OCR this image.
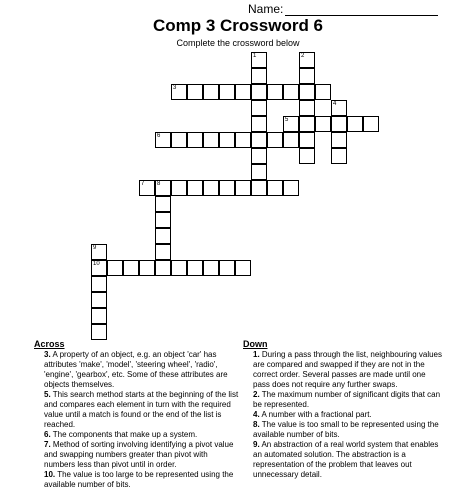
Name:
Comp 3 Crossword 6
Complete the crossword below
3
5
6
7 8
10
1	2
4
9
Across
3. A property of an object, e.g. an object 'car' has attributes 'make', 'model', 'steering wheel', 'radio', 'engine', 'gearbox', etc. Some of these attributes are objects themselves.
5. This search method starts at the beginning of the list and compares each element in turn with the required value until a match is found or the end of the list is reached.
6. The components that make up a system.
7. Method of sorting involving identifying a pivot value and swapping numbers greater than pivot with numbers less than pivot until in order.
10. The value is too large to be represented using the available number of bits.
Down
1. During a pass through the list, neighbouring values are compared and swapped if they are not in the correct order. Several passes are made until one pass does not require any further swaps.
2. The maximum number of significant digits that can be represented.
4. A number with a fractional part.
8. The value is too small to be represented using the available number of bits.
9. An abstraction of a real world system that enables an automated solution. The abstraction is a representation of the problem that leaves out unnecessary detail.
